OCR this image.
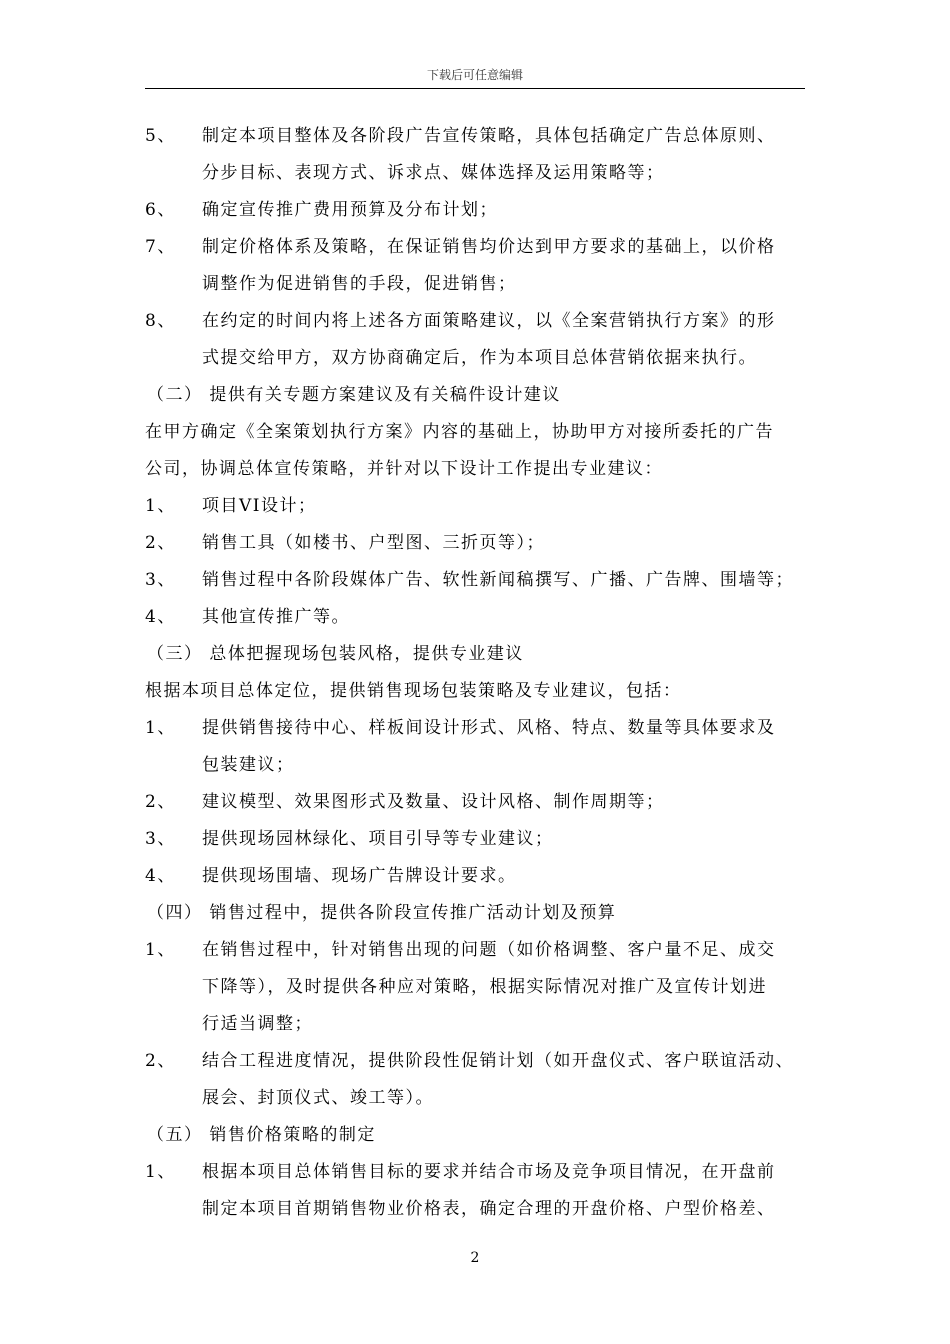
下载后可任意编辑
5、 制定本项目整体及各阶段广告宣传策略，具体包括确定广告总体原则、
分步目标、表现方式、诉求点、媒体选择及运用策略等；
6、 确定宣传推广费用预算及分布计划；
7、 制定价格体系及策略，在保证销售均价达到甲方要求的基础上，以价格
调整作为促进销售的手段，促进销售；
8、 在约定的时间内将上述各方面策略建议，以《全案营销执行方案》的形
式提交给甲方，双方协商确定后，作为本项目总体营销依据来执行。
（二） 提供有关专题方案建议及有关稿件设计建议
在甲方确定《全案策划执行方案》内容的基础上，协助甲方对接所委托的广告
公司，协调总体宣传策略，并针对以下设计工作提出专业建议：
1、 项目VI设计；
2、 销售工具（如楼书、户型图、三折页等）；
3、 销售过程中各阶段媒体广告、软性新闻稿撰写、广播、广告牌、围墙等；
4、 其他宣传推广等。
（三） 总体把握现场包装风格，提供专业建议
根据本项目总体定位，提供销售现场包装策略及专业建议，包括：
1、 提供销售接待中心、样板间设计形式、风格、特点、数量等具体要求及
包装建议；
2、 建议模型、效果图形式及数量、设计风格、制作周期等；
3、 提供现场园林绿化、项目引导等专业建议；
4、 提供现场围墙、现场广告牌设计要求。
（四） 销售过程中，提供各阶段宣传推广活动计划及预算
1、 在销售过程中，针对销售出现的问题（如价格调整、客户量不足、成交
下降等），及时提供各种应对策略，根据实际情况对推广及宣传计划进
行适当调整；
2、 结合工程进度情况，提供阶段性促销计划（如开盘仪式、客户联谊活动、
展会、封顶仪式、竣工等）。
（五） 销售价格策略的制定
1、 根据本项目总体销售目标的要求并结合市场及竞争项目情况，在开盘前
制定本项目首期销售物业价格表，确定合理的开盘价格、户型价格差、
2
